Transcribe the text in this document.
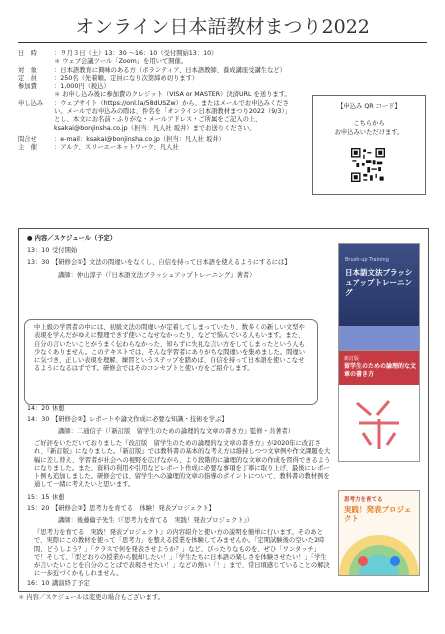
オンライン日本語教材まつり2022
日　時	：９月３日（土）13：30 ～16：10（受付開始13：10）
＊ ウェブ会議ツール「Zoom」を用いて開催。
対　象	：日本語教育に興味のある方（ボランティア、日本語教師、養成講座受講生など）
定　員	：250名（先着順。定員になり次第締め切ります）
参加費	：1,000円（税込）
＊ お申し込み後に参加費のクレジット（VISA or MASTER）決済URL を送ります。
申し込み	：ウェブサイト（https://onl.la/58dUSZw）から、またはメールでお申込みください。メールでお申込みの際は、件名を「オンライン日本語教材まつり2022（9/3）」とし、本文にお名前・ふりがな・メールアドレス・ご所属をご記入の上、ksakai@bonjinsha.co.jp（担当：凡人社 坂井）までお送りください。
問合せ	：e-mail：ksakai@bonjinsha.co.jp（担当：凡人社 坂井）
主　催	：アルク、スリーエーネットワーク、凡人社
【申込み QR コード】
こちらから
お申込みいただけます。
● 内容／スケジュール（予定）
13：10 受付開始
13：30 【研修会①】文法の間違いをなくし、自信を持って日本語を使えるようにするには】
講師：仲山淳子（『日本語文法ブラッシュアップトレーニング』著者）
中上級の学習者の中には、初級文法の間違いが定着してしまっていたり、数多くの新しい文型や表現を学んだがゆえに整理できず使いこなせなかったり、などで悩んでいる人もいます。また、自分の言いたいことがうまく伝わらなかった、知らずに失礼な言い方をしてしまったという人も少なくありません。このテキストでは、そんな学習者にありがちな間違いを集めました。間違いに気づき、正しい表現を理解、練習というステップを踏めば、自信を持って日本語を使いこなせるようになるはずです。研修会ではそのコンセプトと使い方をご紹介します。
14：20 休憩
14：30 【研修会②】レポートや論文作成に必要な知識・技術を学ぶ】
講師：二通信子（『新訂版　留学生のための論理的な文章の書き方』監修・共著者）
ご好評をいただいておりました『改訂版　留学生のための論理的な文章の書き方』が2020年に改訂され、『新訂版』になりました。『新訂版』では教科書の基本的な考え方は維持しつつ文章例や作文課題を大幅に差し替え、学習者が社会への視野を広げながら、より段階的に論理的な文章の作成を習得できるようになりました。また、資料の利用や引用などレポート作成に必要な事項を丁寧に取り上げ、最後にレポート例も追加しました。研修会では、留学生への論理的文章の指導のポイントについて、教科書の教材例を通して一緒に考えたいと思います。
15：15 休憩
15：20 【研修会③】思考力を育てる　体験！発表プロジェクト】
講師：後藤倫子先生（『思考力を育てる　実践！発表プロジェクト』）
『思考力を育てる　実践！発表プロジェクト』の内容紹介と使い方の説明を簡単に行います。そのあとで、実際にこの教材を使って「思考力」を整える授業を体験してみませんか。「定期試験後の空いた2時間、どうしよう？」「クラスで何を発表させようか？」など、ぴったりなものを、ぜひ「ワンタッチ」で！そして、「型どおりの授業から脱却したい！」「学生たちに日本語の楽しさを体験させたい！」「学生が言いたいことを自分のことばで表現させたい！」などの熱い「！」まで、常日頃感じていることの解決に一歩近づくかもしれません。
16：10 講演終了予定
Brush-up Training
日本語文法ブラッシュアップトレーニング
新訂版
留学生のための論理的な文章の書き方
思考力を育てる
実践！発表プロジェクト
＊ 内容／スケジュールは変更の場合もございます。
